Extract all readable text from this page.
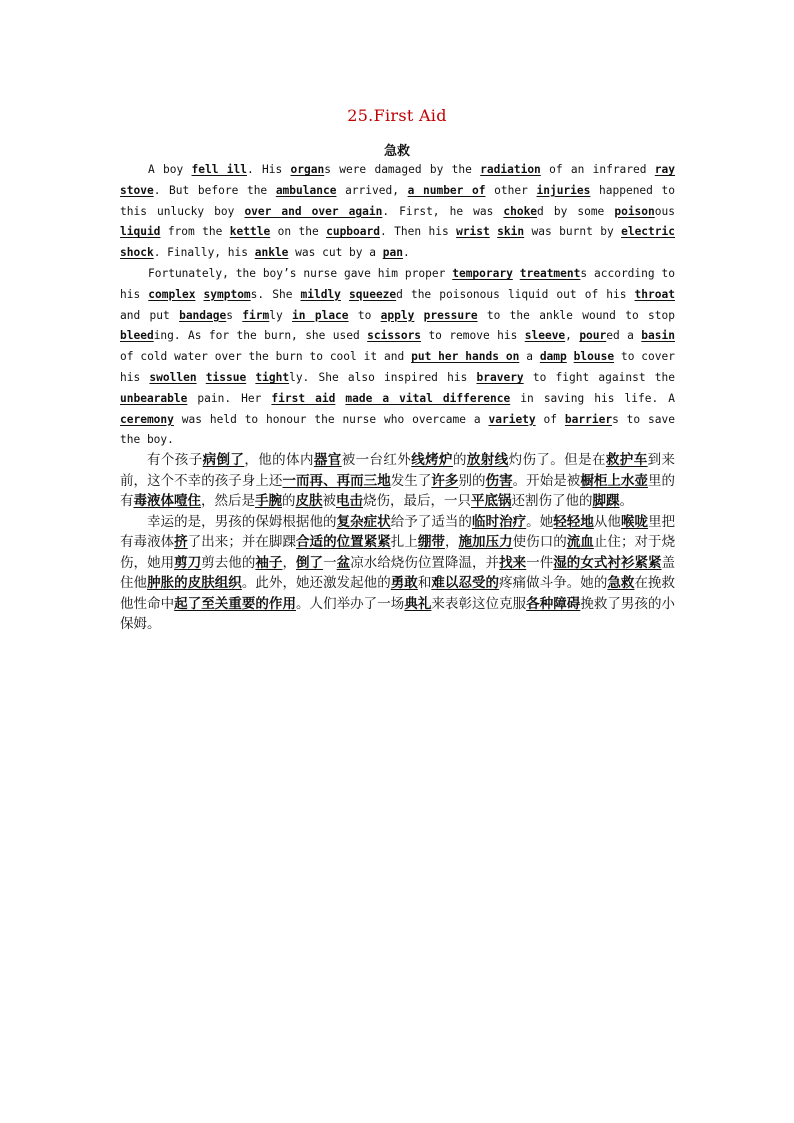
25.First Aid
急救

A boy fell ill. His organs were damaged by the radiation of an infrared ray stove. But before the ambulance arrived, a number of other injuries happened to this unlucky boy over and over again. First, he was choked by some poisonous liquid from the kettle on the cupboard. Then his wrist skin was burnt by electric shock. Finally, his ankle was cut by a pan.

Fortunately, the boy’s nurse gave him proper temporary treatments according to his complex symptoms. She mildly squeezed the poisonous liquid out of his throat and put bandages firmly in place to apply pressure to the ankle wound to stop bleeding. As for the burn, she used scissors to remove his sleeve, poured a basin of cold water over the burn to cool it and put her hands on a damp blouse to cover his swollen tissue tightly. She also inspired his bravery to fight against the unbearable pain. Her first aid made a vital difference in saving his life. A ceremony was held to honour the nurse who overcame a variety of barriers to save the boy.

有个孩子病倒了，他的体内器官被一台红外线烤炉的放射线灼伤了。但是在救护车到来前，这个不幸的孩子身上还一而再、再而三地发生了许多别的伤害。开始是被橱柜上水壶里的有毒液体噎住，然后是手腕的皮肤被电击烧伤，最后，一只平底锅还割伤了他的脚踝。

幸运的是，男孩的保姆根据他的复杂症状给予了适当的临时治疗。她轻轻地从他喉咙里把有毒液体挤了出来；并在脚踝合适的位置紧紧扎上绷带，施加压力使伤口的流血止住；对于烧伤，她用剪刀剪去他的袖子，倒了一盆凉水给烧伤位置降温，并找来一件湿的女式衬衫紧紧盖住他肿胀的皮肤组织。此外，她还激发起他的勇敢和难以忍受的疼痛做斗争。她的急救在挽救他性命中起了至关重要的作用。人们举办了一场典礼来表彰这位克服各种障碍挽救了男孩的小保姆。
